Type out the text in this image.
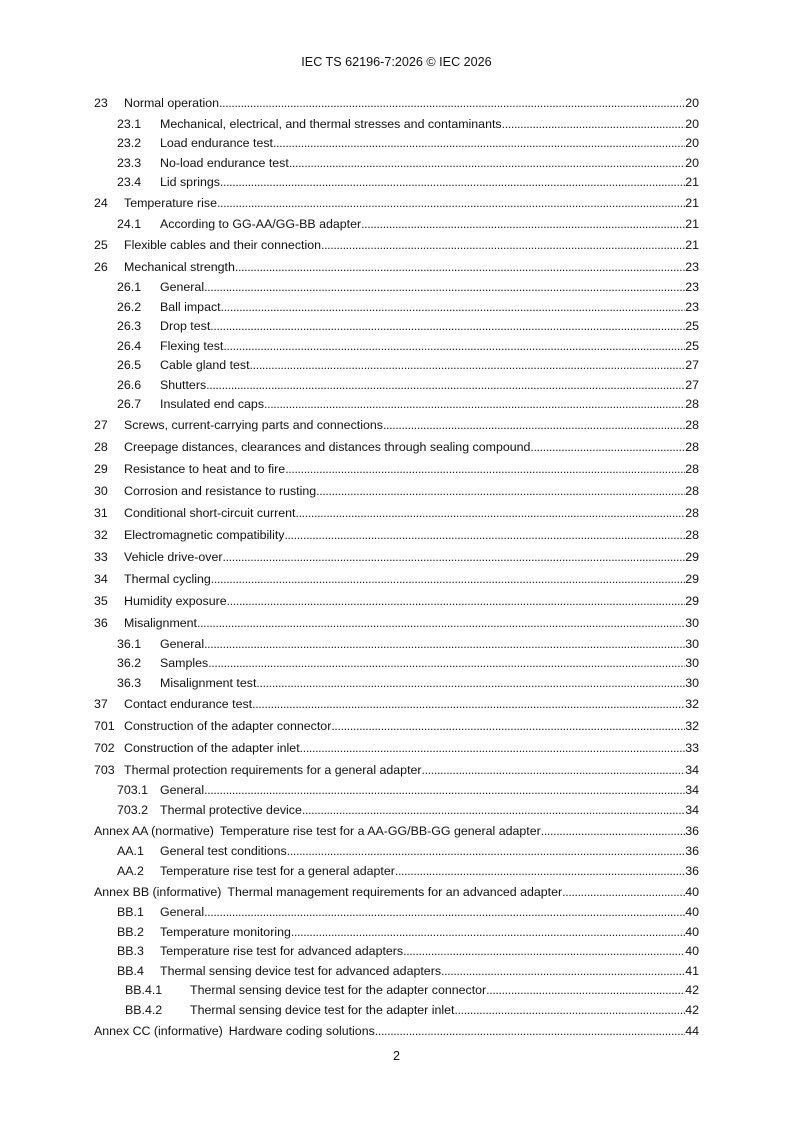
IEC TS 62196-7:2026 © IEC 2026
23	Normal operation . . .	20
23.1	Mechanical, electrical, and thermal stresses and contaminants . . .	20
23.2	Load endurance test . . .	20
23.3	No-load endurance test . . .	20
23.4	Lid springs . . .	21
24	Temperature rise . . .	21
24.1	According to GG-AA/GG-BB adapter . . .	21
25	Flexible cables and their connection . . .	21
26	Mechanical strength . . .	23
26.1	General . . .	23
26.2	Ball impact . . .	23
26.3	Drop test . . .	25
26.4	Flexing test . . .	25
26.5	Cable gland test . . .	27
26.6	Shutters . . .	27
26.7	Insulated end caps . . .	28
27	Screws, current-carrying parts and connections . . .	28
28	Creepage distances, clearances and distances through sealing compound . . .	28
29	Resistance to heat and to fire . . .	28
30	Corrosion and resistance to rusting . . .	28
31	Conditional short-circuit current . . .	28
32	Electromagnetic compatibility . . .	28
33	Vehicle drive-over . . .	29
34	Thermal cycling . . .	29
35	Humidity exposure . . .	29
36	Misalignment . . .	30
36.1	General . . .	30
36.2	Samples . . .	30
36.3	Misalignment test . . .	30
37	Contact endurance test . . .	32
701 Construction of the adapter connector . . .	32
702 Construction of the adapter inlet . . .	33
703 Thermal protection requirements for a general adapter . . .	34
703.1 General . . .	34
703.2 Thermal protective device . . .	34
Annex AA (normative) Temperature rise test for a AA-GG/BB-GG general adapter . . .	36
AA.1	General test conditions . . .	36
AA.2	Temperature rise test for a general adapter . . .	36
Annex BB (informative) Thermal management requirements for an advanced adapter . . .	40
BB.1	General . . .	40
BB.2	Temperature monitoring . . .	40
BB.3	Temperature rise test for advanced adapters . . .	40
BB.4	Thermal sensing device test for advanced adapters . . .	41
BB.4.1	Thermal sensing device test for the adapter connector . . .	42
BB.4.2	Thermal sensing device test for the adapter inlet . . .	42
Annex CC (informative) Hardware coding solutions . . .	44
2
